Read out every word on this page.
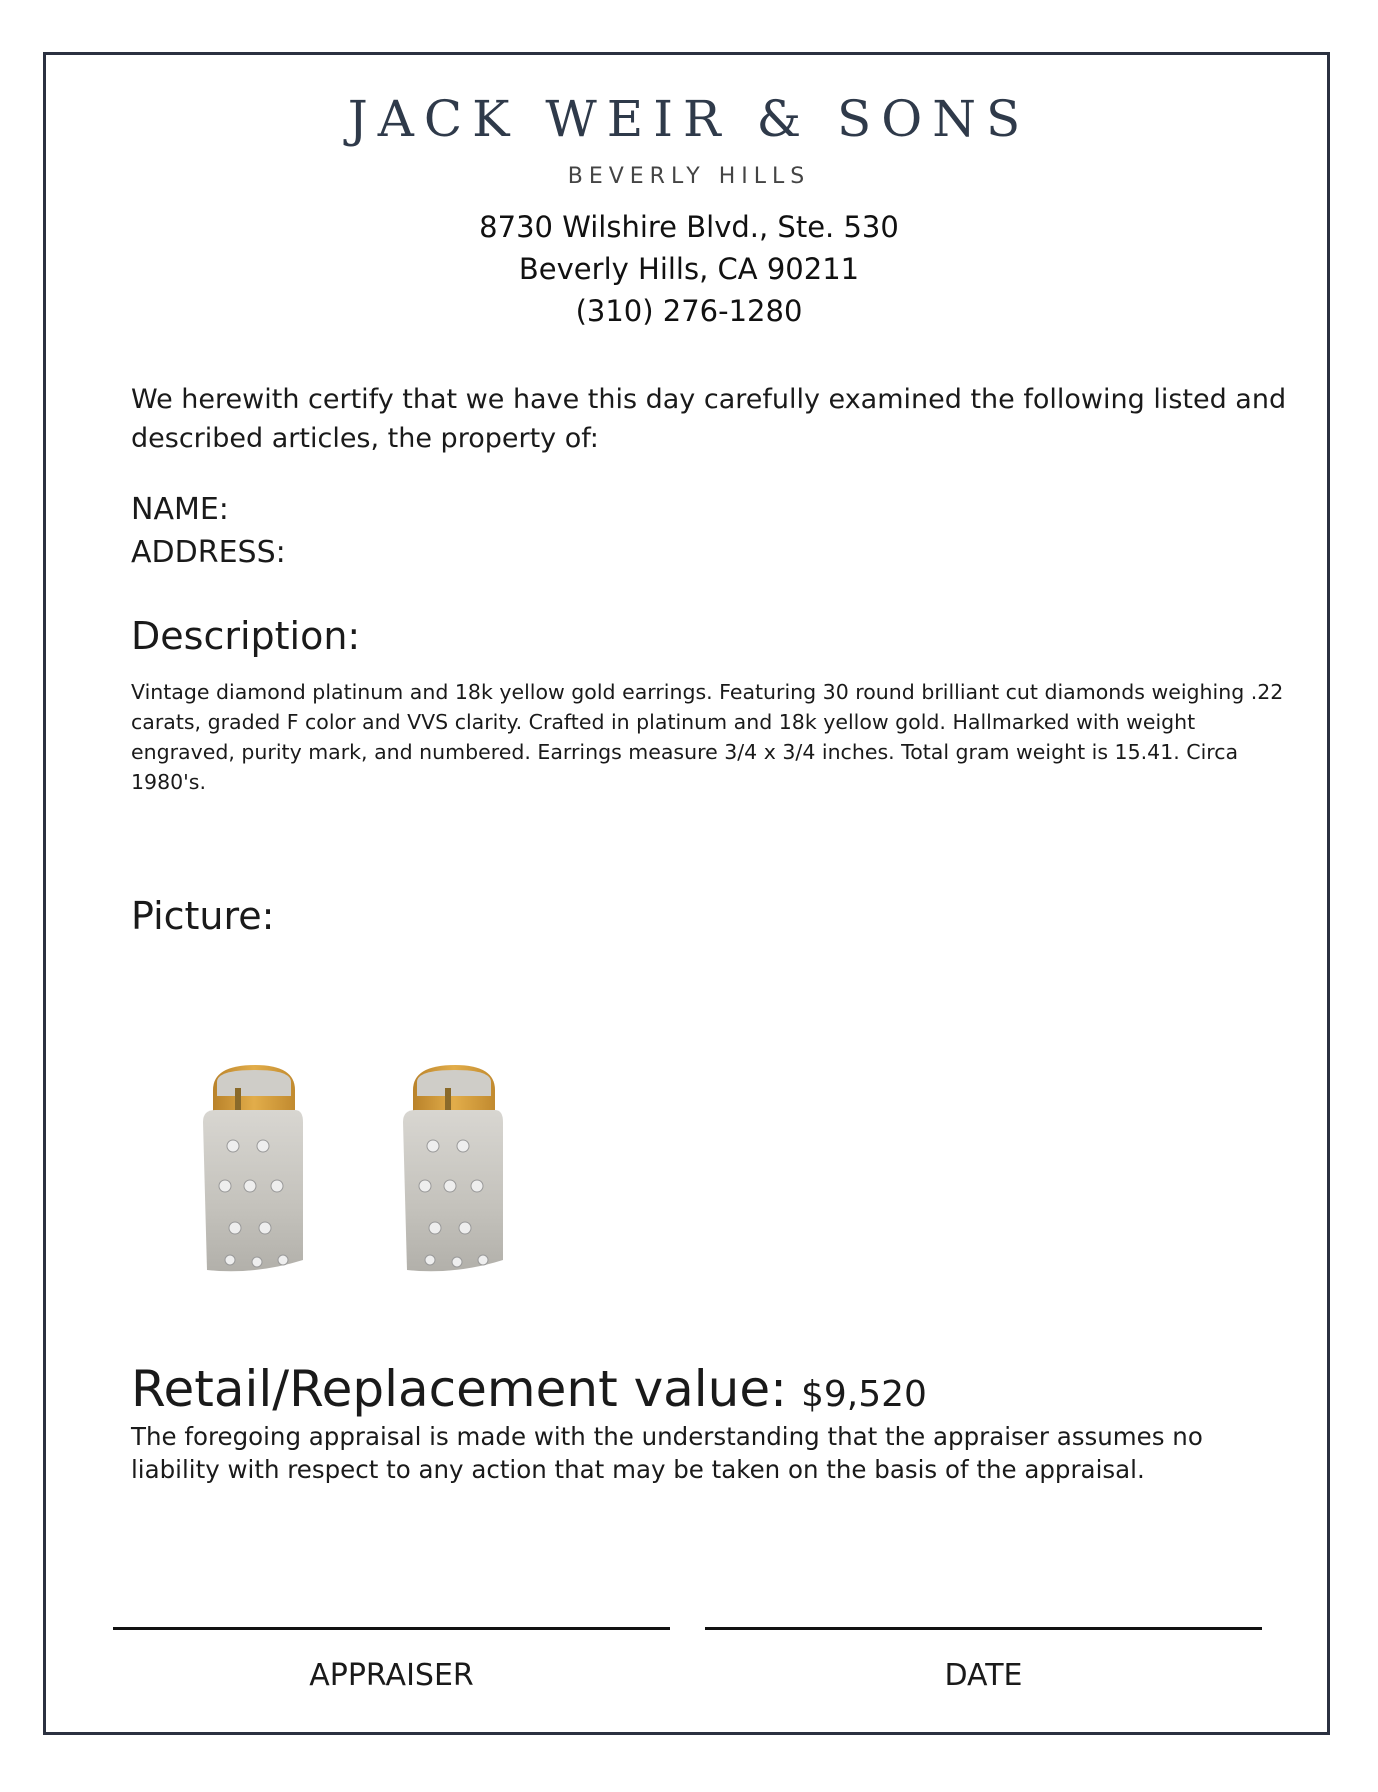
JACK WEIR & SONS
BEVERLY HILLS
8730 Wilshire Blvd., Ste. 530
Beverly Hills, CA 90211
(310) 276-1280
We herewith certify that we have this day carefully examined the following listed and described articles, the property of:
NAME:
ADDRESS:
Description:
Vintage diamond platinum and 18k yellow gold earrings. Featuring 30 round brilliant cut diamonds weighing .22 carats, graded F color and VVS clarity. Crafted in platinum and 18k yellow gold. Hallmarked with weight engraved, purity mark, and numbered. Earrings measure 3/4 x 3/4 inches. Total gram weight is 15.41. Circa 1980's.
Picture:
Retail/Replacement value: $9,520
The foregoing appraisal is made with the understanding that the appraiser assumes no liability with respect to any action that may be taken on the basis of the appraisal.
APPRAISER	DATE
